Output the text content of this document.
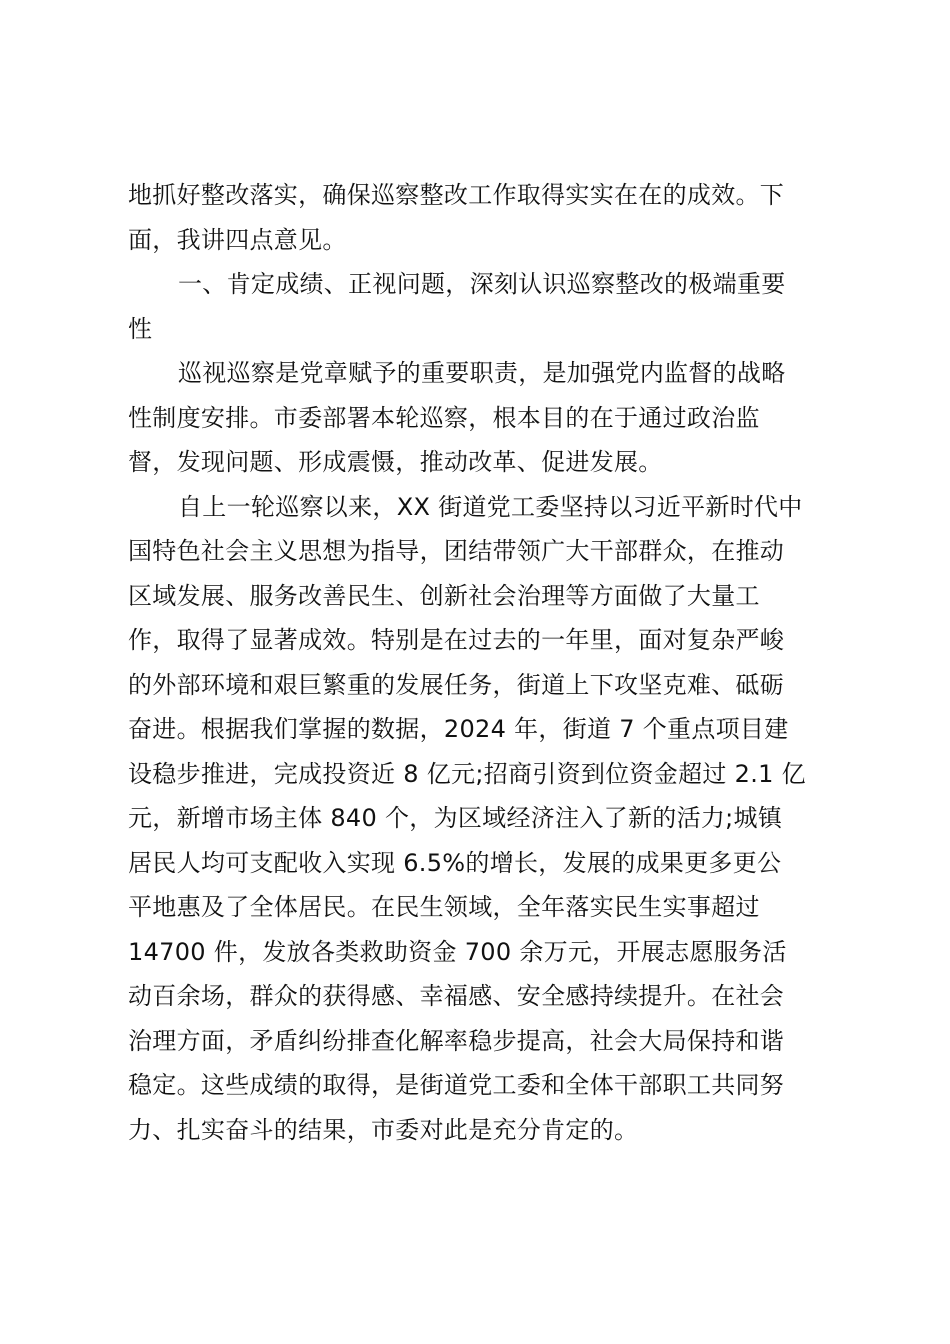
地抓好整改落实，确保巡察整改工作取得实实在在的成效。下
面，我讲四点意见。
一、肯定成绩、正视问题，深刻认识巡察整改的极端重要
性
巡视巡察是党章赋予的重要职责，是加强党内监督的战略
性制度安排。市委部署本轮巡察，根本目的在于通过政治监
督，发现问题、形成震慑，推动改革、促进发展。
自上一轮巡察以来，XX 街道党工委坚持以习近平新时代中
国特色社会主义思想为指导，团结带领广大干部群众，在推动
区域发展、服务改善民生、创新社会治理等方面做了大量工
作，取得了显著成效。特别是在过去的一年里，面对复杂严峻
的外部环境和艰巨繁重的发展任务，街道上下攻坚克难、砥砺
奋进。根据我们掌握的数据，2024 年，街道 7 个重点项目建
设稳步推进，完成投资近 8 亿元;招商引资到位资金超过 2.1 亿
元，新增市场主体 840 个，为区域经济注入了新的活力;城镇
居民人均可支配收入实现 6.5%的增长，发展的成果更多更公
平地惠及了全体居民。在民生领域，全年落实民生实事超过
14700 件，发放各类救助资金 700 余万元，开展志愿服务活
动百余场，群众的获得感、幸福感、安全感持续提升。在社会
治理方面，矛盾纠纷排查化解率稳步提高，社会大局保持和谐
稳定。这些成绩的取得，是街道党工委和全体干部职工共同努
力、扎实奋斗的结果，市委对此是充分肯定的。
